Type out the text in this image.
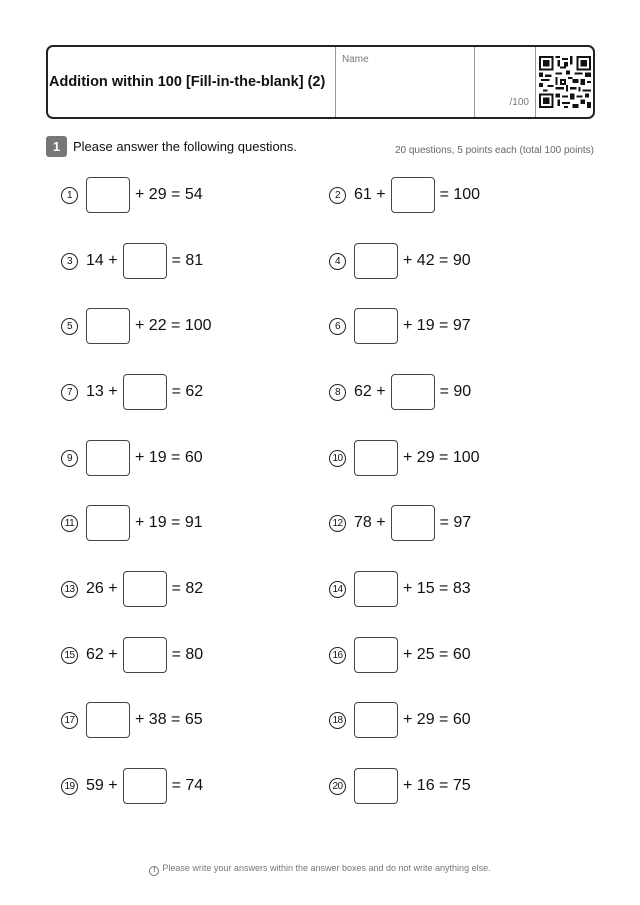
Addition within 100 [Fill-in-the-blank] (2)
Name
/100
1 Please answer the following questions.	20 questions, 5 points each (total 100 points)
1	+ 29 = 54	2 61 +	= 100
3 14 +	= 81	4	+ 42 = 90
5	+ 22 = 100	6	+ 19 = 97
7 13 +	= 62	8 62 +	= 90
9	+ 19 = 60	10	+ 29 = 100
11	+ 19 = 91	12 78 +	= 97
13 26 +	= 82	14	+ 15 = 83
15 62 +	= 80	16	+ 25 = 60
17	+ 38 = 65	18	+ 29 = 60
19 59 +	= 74	20	+ 16 = 75
! Please write your answers within the answer boxes and do not write anything else.
